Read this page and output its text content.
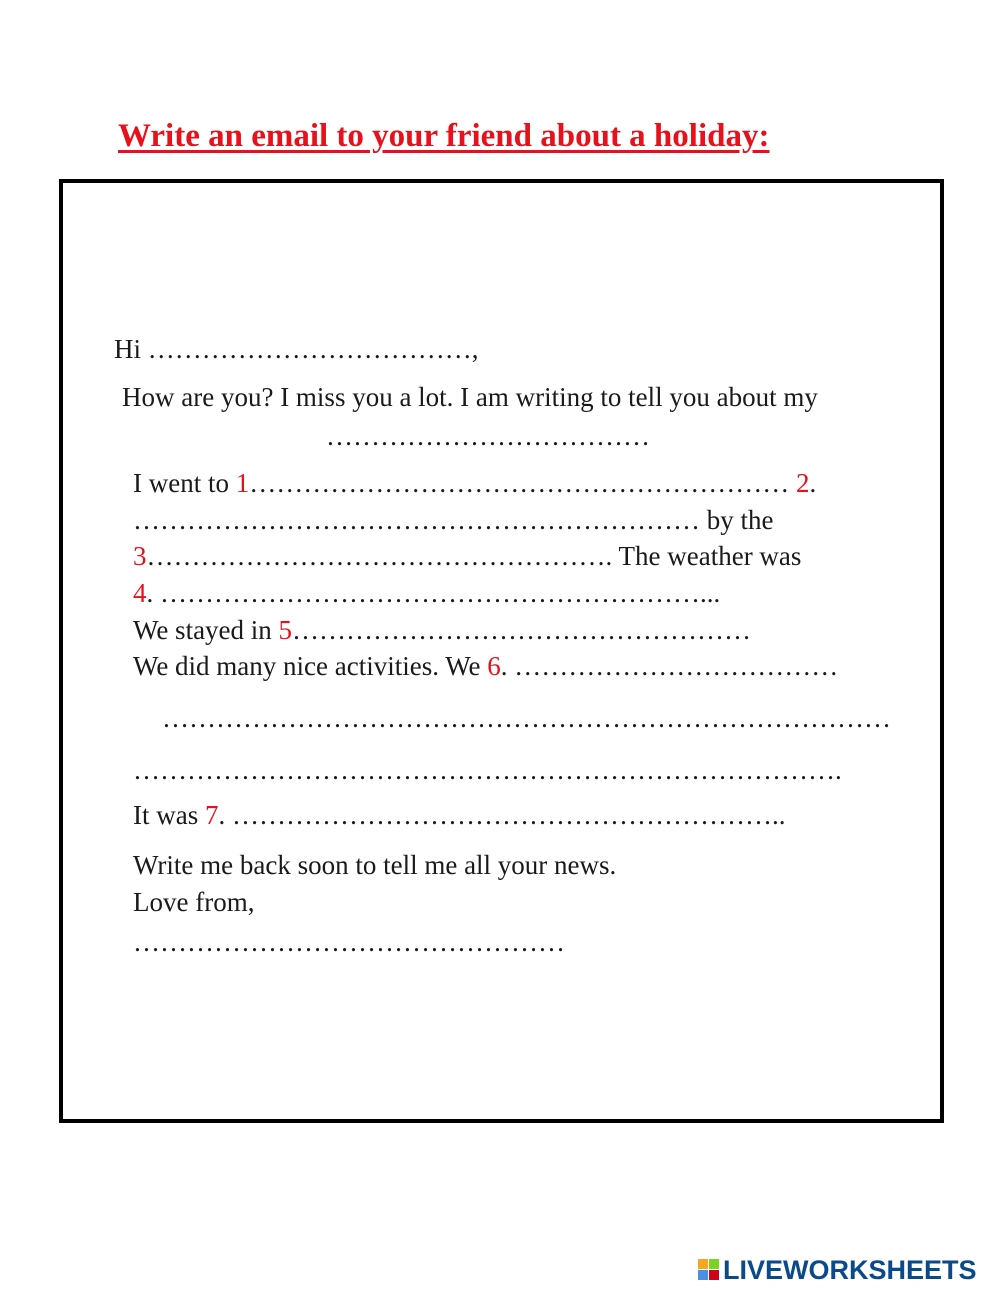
Write an email to your friend about a holiday:
Hi ………………………………,
How are you? I miss you a lot. I am writing to tell you about my
………………………………
I went to 1…………………………………………………… 2.
……………………………………………………… by the
3……………………………………………. The weather was
4. ……………………………………………………...
We stayed in 5……………………………………………
We did many nice activities. We 6. ………………………………
………………………………………………………………………
…………………………………………………………………….
It was 7. ……………………………………………………..
Write me back soon to tell me all your news.
Love from,
…………………………………………
LIVEWORKSHEETS
